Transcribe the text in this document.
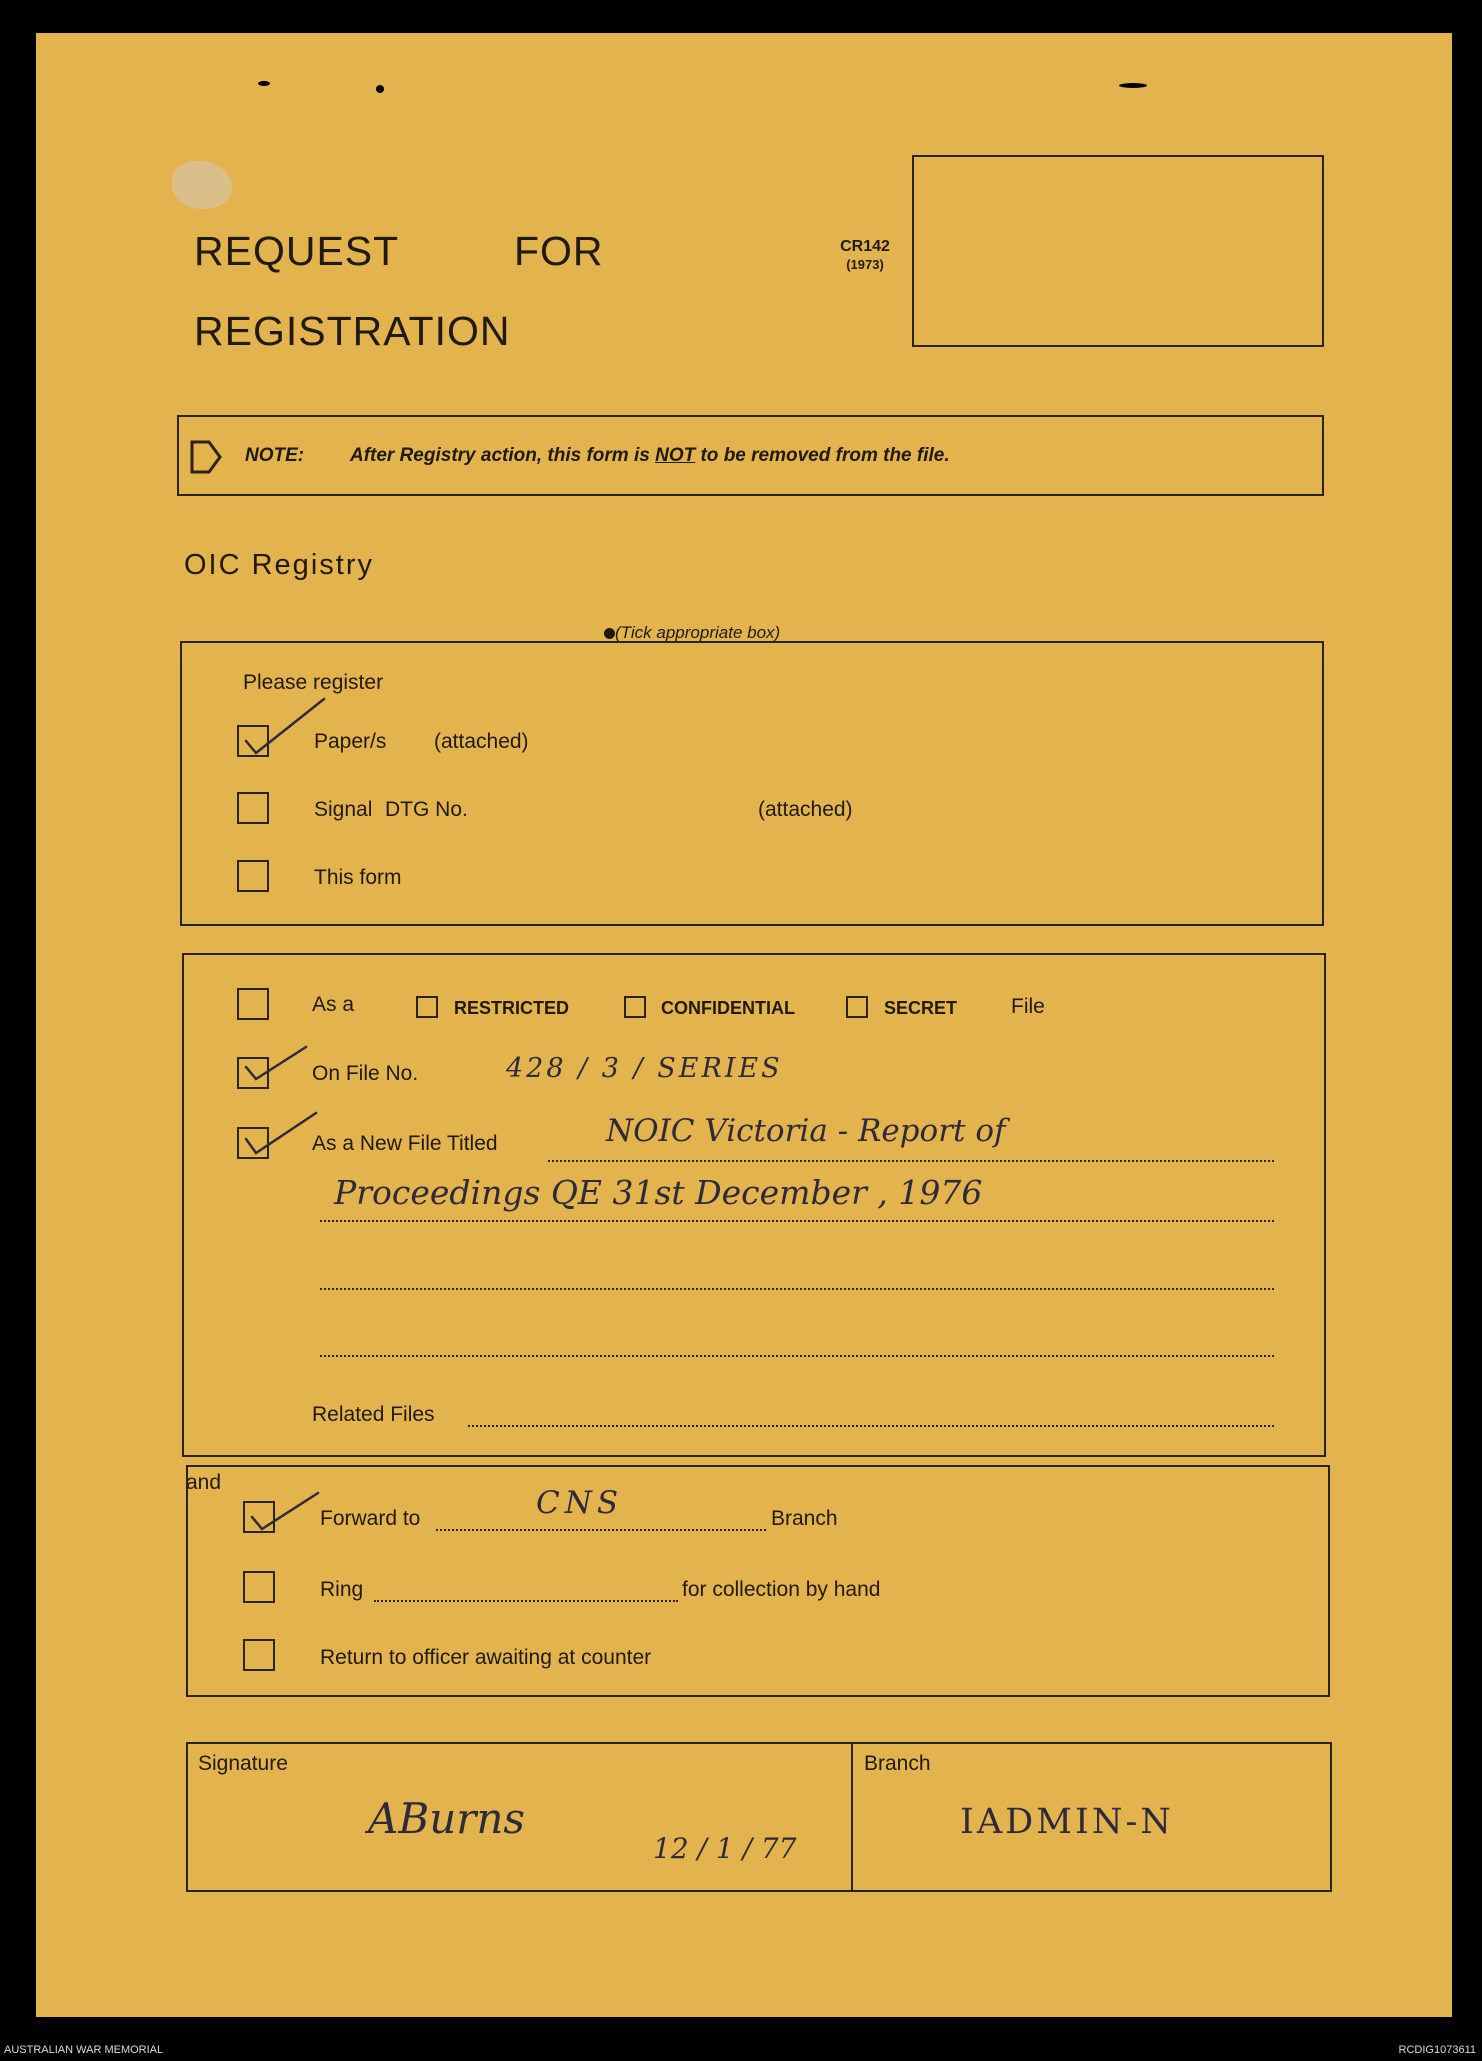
REQUEST	FOR
REGISTRATION
CR142
(1973)
NOTE: After Registry action, this form is NOT to be removed from the file.
OIC Registry
(Tick appropriate box)
Please register
Paper/s (attached)
Signal DTG No.	(attached)
This form
As a	RESTRICTED	CONFIDENTIAL	SECRET	File
On File No.	428 / 3 / SERIES
As a New File Titled	NOIC Victoria - Report of
Proceedings QE 31st December , 1976
Related Files
and
Forward to	CNS	Branch
Ring	for collection by hand
Return to officer awaiting at counter
Signature
ABurns
12 / 1 / 77
Branch
IADMIN-N
AUSTRALIAN WAR MEMORIAL	RCDIG1073611
